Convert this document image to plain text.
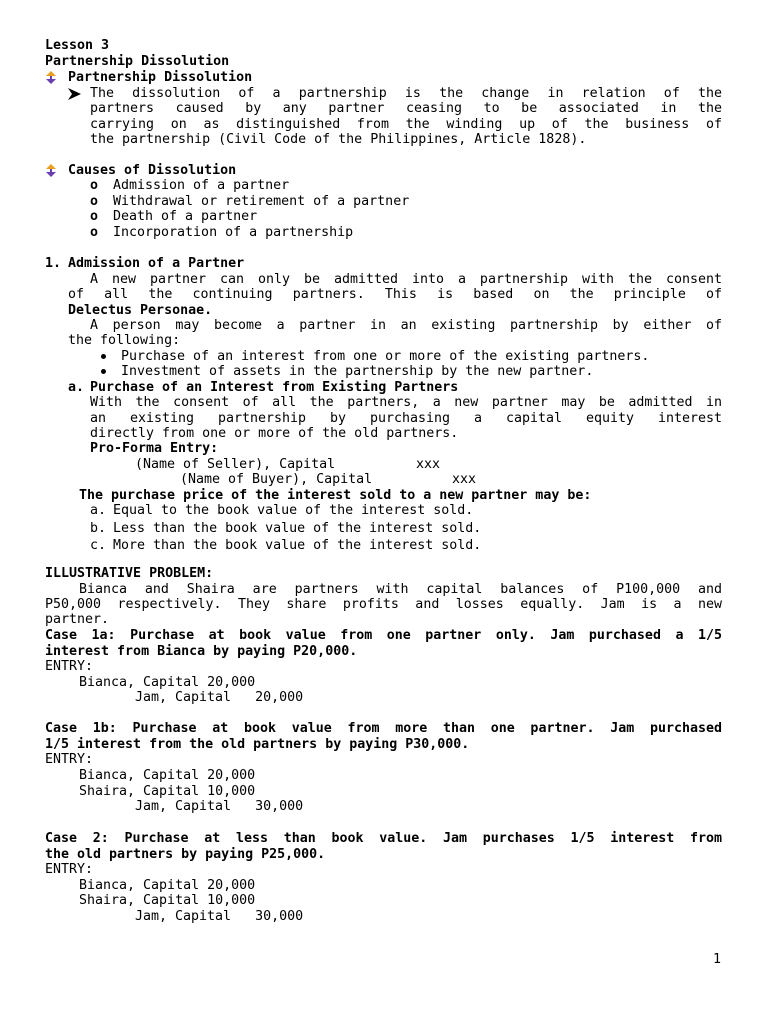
Lesson 3
Partnership Dissolution
Partnership Dissolution
The dissolution of a partnership is the change in relation of the
partners caused by any partner ceasing to be associated in the
carrying on as distinguished from the winding up of the business of
the partnership (Civil Code of the Philippines, Article 1828).
Causes of Dissolution
o Admission of a partner
o Withdrawal or retirement of a partner
o Death of a partner
o Incorporation of a partnership
1. Admission of a Partner
A new partner can only be admitted into a partnership with the consent
of all the continuing partners. This is based on the principle of
Delectus Personae.
A person may become a partner in an existing partnership by either of
the following:
Purchase of an interest from one or more of the existing partners.
Investment of assets in the partnership by the new partner.
a. Purchase of an Interest from Existing Partners
With the consent of all the partners, a new partner may be admitted in
an existing partnership by purchasing a capital equity interest
directly from one or more of the old partners.
Pro-Forma Entry:
(Name of Seller), Capital	xxx
(Name of Buyer), Capital	xxx
The purchase price of the interest sold to a new partner may be:
a. Equal to the book value of the interest sold.
b. Less than the book value of the interest sold.
c. More than the book value of the interest sold.
ILLUSTRATIVE PROBLEM:
Bianca and Shaira are partners with capital balances of P100,000 and
P50,000 respectively. They share profits and losses equally. Jam is a new
partner.
Case 1a: Purchase at book value from one partner only. Jam purchased a 1/5
interest from Bianca by paying P20,000.
ENTRY:
Bianca, Capital 20,000
Jam, Capital   20,000
Case 1b: Purchase at book value from more than one partner. Jam purchased
1/5 interest from the old partners by paying P30,000.
ENTRY:
Bianca, Capital 20,000
Shaira, Capital 10,000
Jam, Capital   30,000
Case 2: Purchase at less than book value. Jam purchases 1/5 interest from
the old partners by paying P25,000.
ENTRY:
Bianca, Capital 20,000
Shaira, Capital 10,000
Jam, Capital   30,000
1
